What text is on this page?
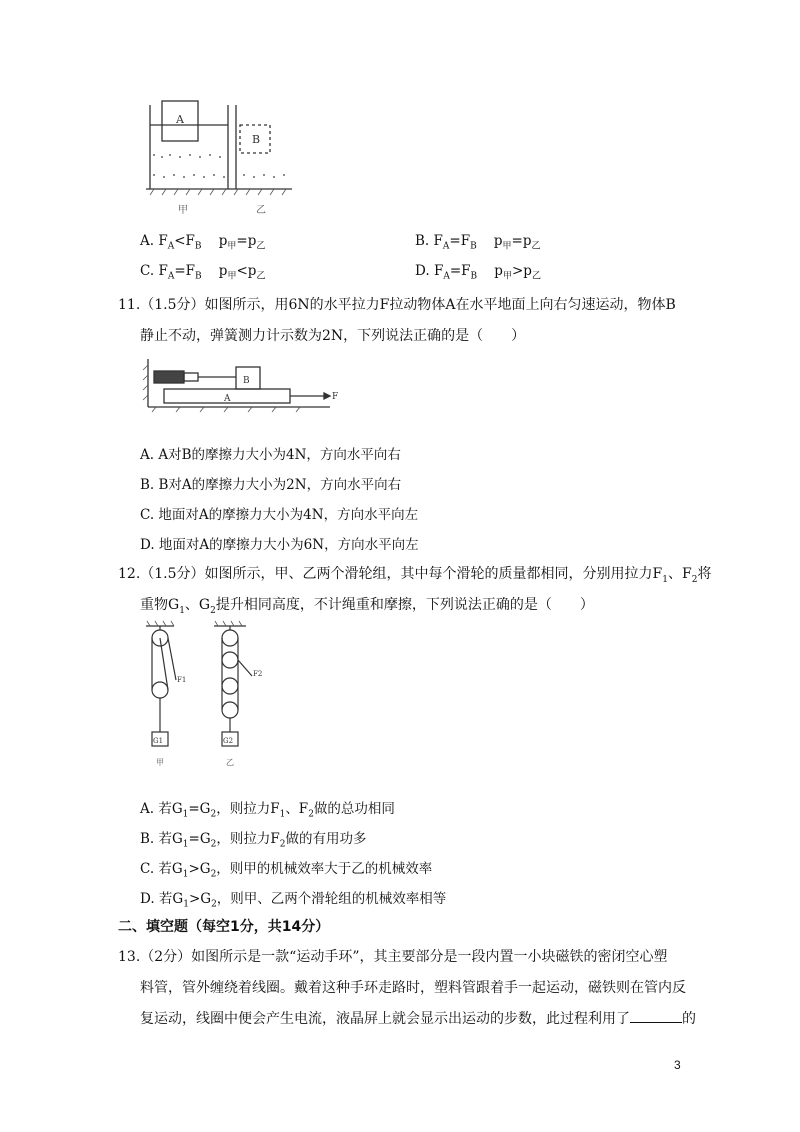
A
B
甲	乙
A. $F_A<F_B$ $p_甲=p_乙$	B. $F_A=F_B$ $p_甲=p_乙$
C. $F_A=F_B$ $p_甲<p_乙$	D. $F_A=F_B$ $p_甲>p_乙$
11.（1.5分）如图所示，用6N的水平拉力F拉动物体A在水平地面上向右匀速运动，物体B
静止不动，弹簧测力计示数为2N，下列说法正确的是（　　）
B
A	F
A. A对B的摩擦力大小为4N，方向水平向右
B. B对A的摩擦力大小为2N，方向水平向右
C. 地面对A的摩擦力大小为4N，方向水平向左
D. 地面对A的摩擦力大小为6N，方向水平向左
12.（1.5分）如图所示，甲、乙两个滑轮组，其中每个滑轮的质量都相同，分别用拉力$F_1$、$F_2$将
重物$G_1$、$G_2$提升相同高度，不计绳重和摩擦，下列说法正确的是（　　）
F1
F2
G1	G2
甲	乙
A. 若$G_1=G_2$，则拉力$F_1$、$F_2$做的总功相同
B. 若$G_1=G_2$，则拉力$F_2$做的有用功多
C. 若$G_1>G_2$，则甲的机械效率大于乙的机械效率
D. 若$G_1>G_2$，则甲、乙两个滑轮组的机械效率相等
二、填空题（每空1分，共14分）
13.（2分）如图所示是一款“运动手环”，其主要部分是一段内置一小块磁铁的密闭空心塑
料管，管外缠绕着线圈。戴着这种手环走路时，塑料管跟着手一起运动，磁铁则在管内反
复运动，线圈中便会产生电流，液晶屏上就会显示出运动的步数，此过程利用了	的
3
